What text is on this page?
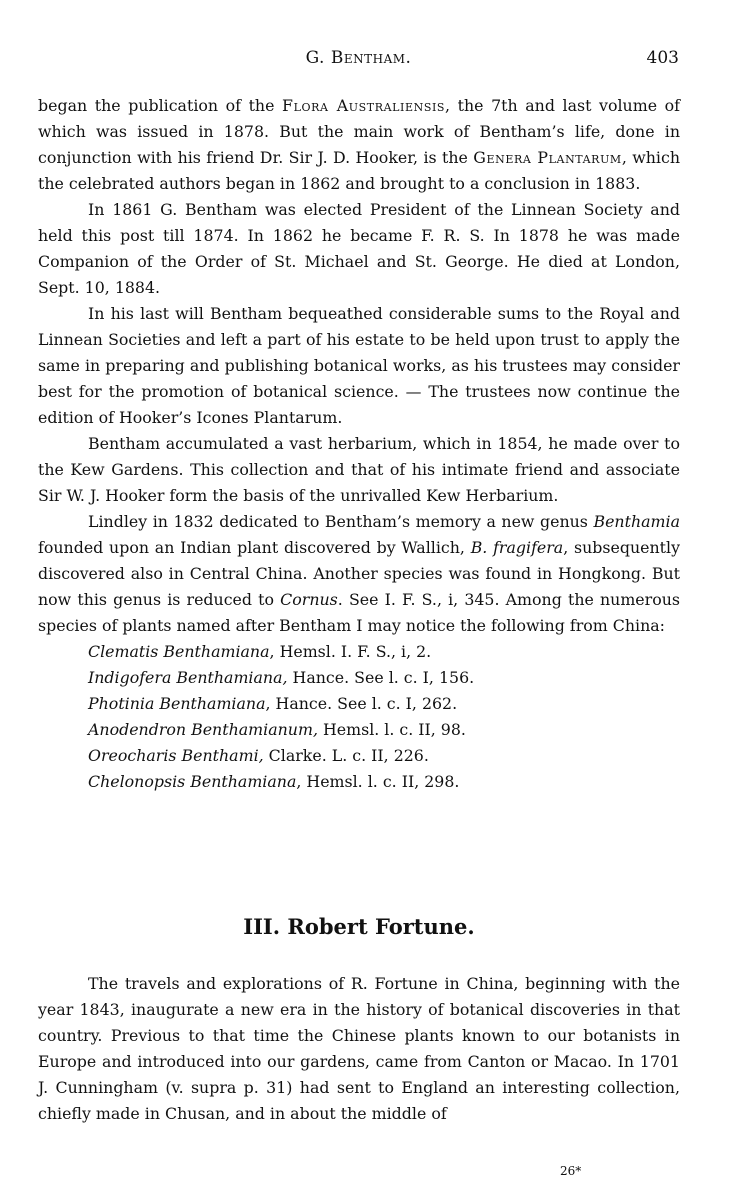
G. Bentham.	403

began the publication of the Flora Australiensis, the 7th and last volume of which was issued in 1878. But the main work of Bentham’s life, done in conjunction with his friend Dr. Sir J. D. Hooker, is the Genera Plantarum, which the celebrated authors began in 1862 and brought to a conclusion in 1883.

In 1861 G. Bentham was elected President of the Linnean Society and held this post till 1874. In 1862 he became F. R. S. In 1878 he was made Companion of the Order of St. Michael and St. George. He died at London, Sept. 10, 1884.

In his last will Bentham bequeathed considerable sums to the Royal and Linnean Societies and left a part of his estate to be held upon trust to apply the same in preparing and publishing botanical works, as his trustees may consider best for the promotion of botanical science. — The trustees now continue the edition of Hooker’s Icones Plantarum.

Bentham accumulated a vast herbarium, which in 1854, he made over to the Kew Gardens. This collection and that of his intimate friend and associate Sir W. J. Hooker form the basis of the unrivalled Kew Herbarium.

Lindley in 1832 dedicated to Bentham’s memory a new genus Benthamia founded upon an Indian plant discovered by Wallich, B. fragifera, subsequently discovered also in Central China. Another species was found in Hongkong. But now this genus is reduced to Cornus. See I. F. S., i, 345. Among the numerous species of plants named after Bentham I may notice the following from China:

Clematis Benthamiana, Hemsl. I. F. S., i, 2.
Indigofera Benthamiana, Hance. See l. c. I, 156.
Photinia Benthamiana, Hance. See l. c. I, 262.
Anodendron Benthamianum, Hemsl. l. c. II, 98.
Oreocharis Benthami, Clarke. L. c. II, 226.
Chelonopsis Benthamiana, Hemsl. l. c. II, 298.
III. Robert Fortune.

The travels and explorations of R. Fortune in China, beginning with the year 1843, inaugurate a new era in the history of botanical discoveries in that country. Previous to that time the Chinese plants known to our botanists in Europe and introduced into our gardens, came from Canton or Macao. In 1701 J. Cunningham (v. supra p. 31) had sent to England an interesting collection, chiefly made in Chusan, and in about the middle of

26*
